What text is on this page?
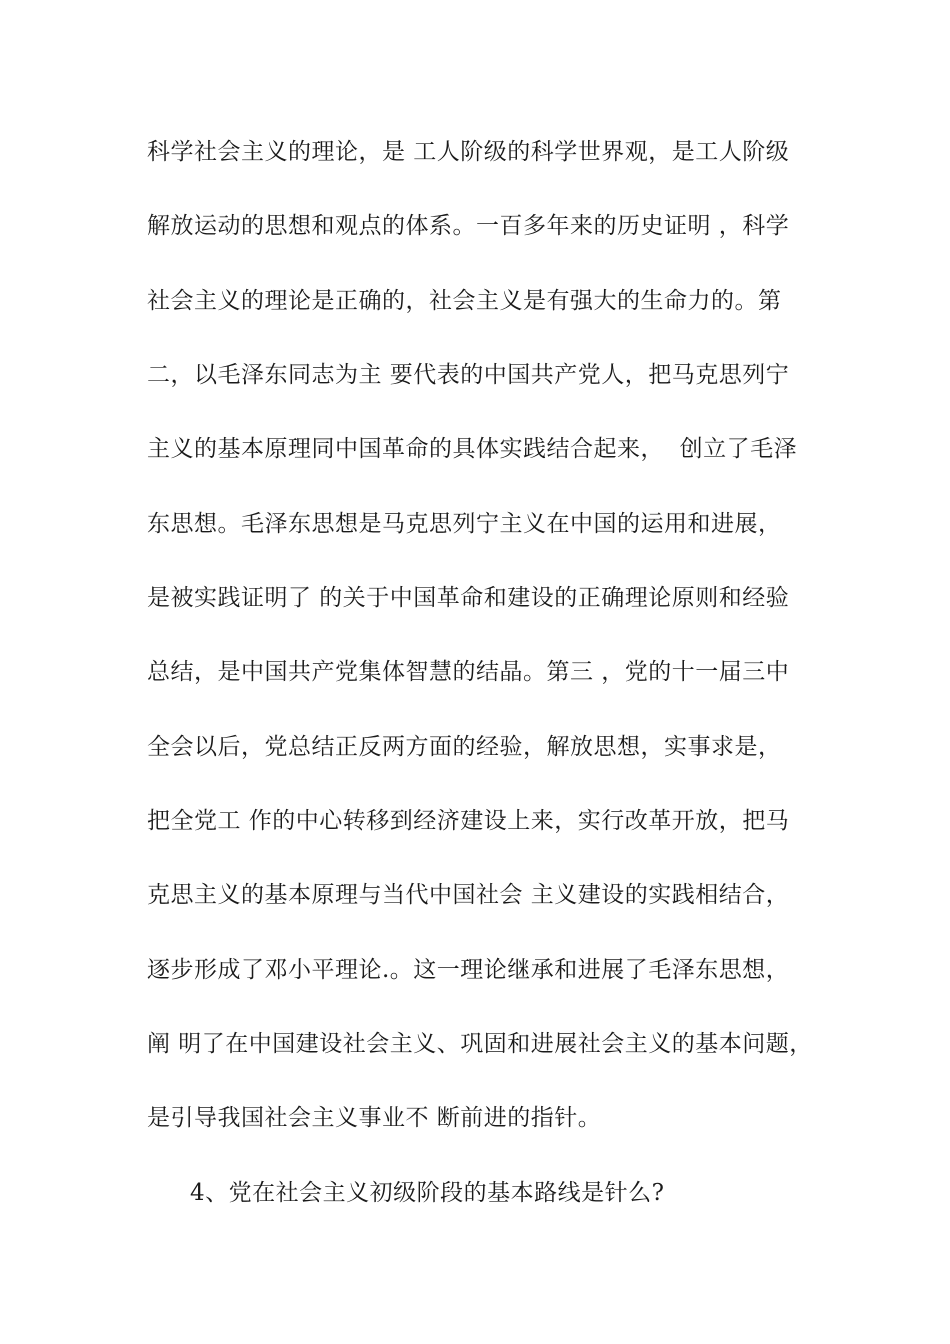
科学社会主义的理论，是 工人阶级的科学世界观，是工人阶级
解放运动的思想和观点的体系。一百多年来的历史证明 ，科学
社会主义的理论是正确的，社会主义是有强大的生命力的。第
二，以毛泽东同志为主 要代表的中国共产党人，把马克思列宁
主义的基本原理同中国革命的具体实践结合起来，  创立了毛泽
东思想。毛泽东思想是马克思列宁主义在中国的运用和进展，
是被实践证明了 的关于中国革命和建设的正确理论原则和经验
总结，是中国共产党集体智慧的结晶。第三 ，党的十一届三中
全会以后，党总结正反两方面的经验，解放思想，实事求是，
把全党工 作的中心转移到经济建设上来，实行改革开放，把马
克思主义的基本原理与当代中国社会 主义建设的实践相结合，
逐步形成了邓小平理论.。这一理论继承和进展了毛泽东思想，
阐 明了在中国建设社会主义、巩固和进展社会主义的基本问题，
是引导我国社会主义事业不 断前进的指针。
4、党在社会主义初级阶段的基本路线是针么?
